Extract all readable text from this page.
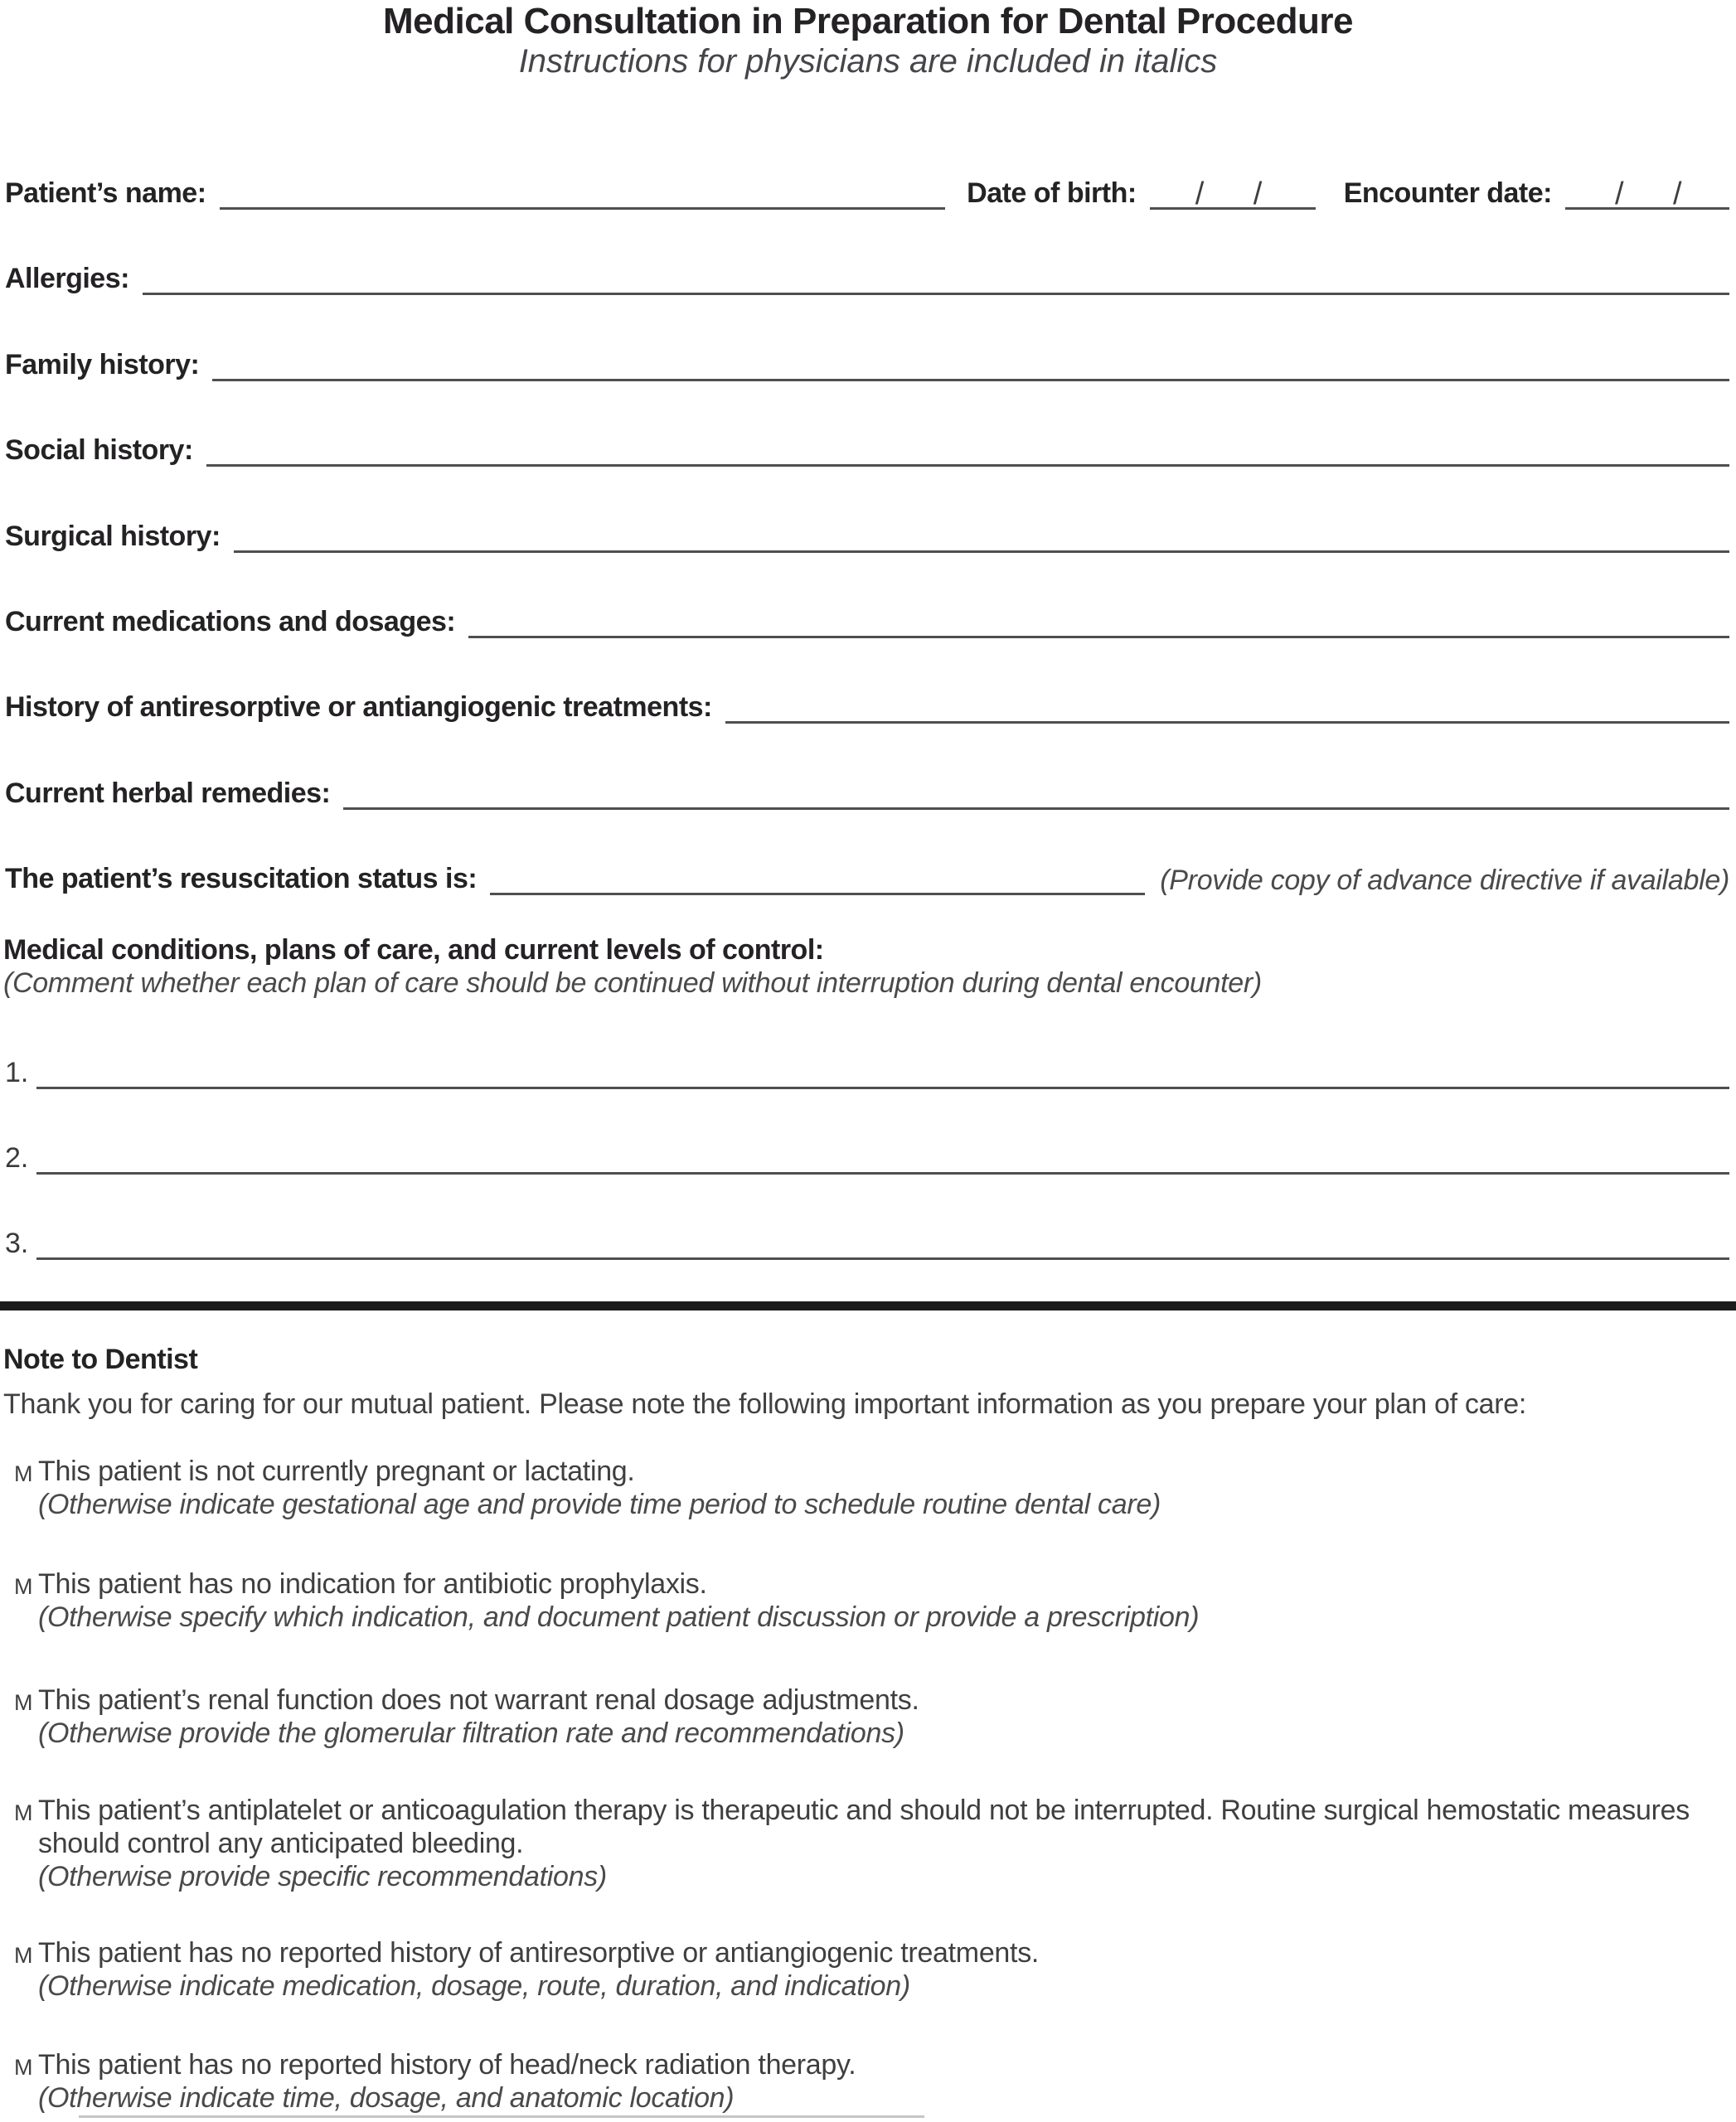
Medical Consultation in Preparation for Dental Procedure
Instructions for physicians are included in italics
Patient’s name:	Date of birth: / /	Encounter date: / /
Allergies:
Family history:
Social history:
Surgical history:
Current medications and dosages:
History of antiresorptive or antiangiogenic treatments:
Current herbal remedies:
The patient’s resuscitation status is:	(Provide copy of advance directive if available)
Medical conditions, plans of care, and current levels of control:
(Comment whether each plan of care should be continued without interruption during dental encounter)
1.
2.
3.
Note to Dentist
Thank you for caring for our mutual patient. Please note the following important information as you prepare your plan of care:
M This patient is not currently pregnant or lactating.
(Otherwise indicate gestational age and provide time period to schedule routine dental care)
M This patient has no indication for antibiotic prophylaxis.
(Otherwise specify which indication, and document patient discussion or provide a prescription)
M This patient’s renal function does not warrant renal dosage adjustments.
(Otherwise provide the glomerular filtration rate and recommendations)
M This patient’s antiplatelet or anticoagulation therapy is therapeutic and should not be interrupted. Routine surgical hemostatic measures should control any anticipated bleeding.
(Otherwise provide specific recommendations)
M This patient has no reported history of antiresorptive or antiangiogenic treatments.
(Otherwise indicate medication, dosage, route, duration, and indication)
M This patient has no reported history of head/neck radiation therapy.
(Otherwise indicate time, dosage, and anatomic location)
